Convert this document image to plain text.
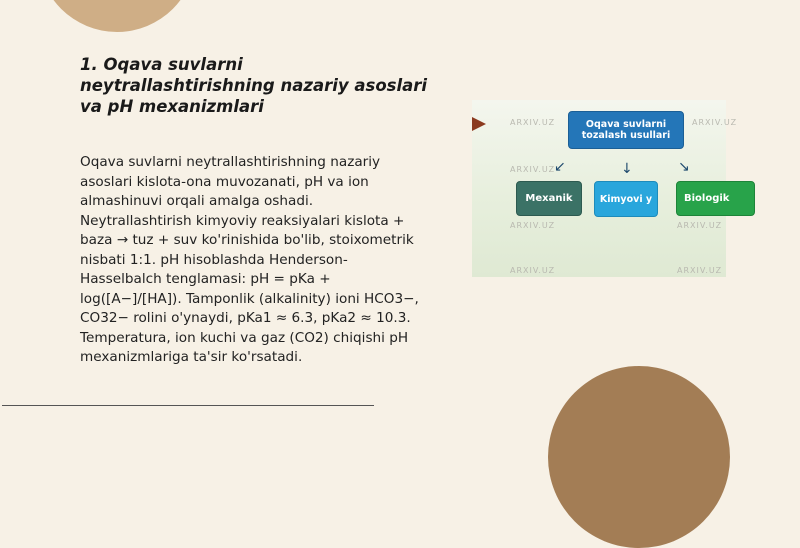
1. Oqava suvlarni neytrallashtirishning nazariy asoslari va pH mexanizmlari
Oqava suvlarni neytrallashtirishning nazariy asoslari kislota-ona muvozanati, pH va ion almashinuvi orqali amalga oshadi. Neytrallashtirish kimyoviy reaksiyalari kislota + baza → tuz + suv ko'rinishida bo'lib, stoixometrik nisbati 1:1. pH hisoblashda Henderson-Hasselbalch tenglamasi: pH = pKa + log([A−]/[HA]). Tamponlik (alkalinity) ioni HCO3−, CO32− rolini o'ynaydi, pKa1 ≈ 6.3, pKa2 ≈ 10.3. Temperatura, ion kuchi va gaz (CO2) chiqishi pH mexanizmlariga ta'sir ko'rsatadi.
ARXIV.UZ	ARXIV.UZ
ARXIV.UZ
ARXIV.UZ	ARXIV.UZ
ARXIV.UZ	ARXIV.UZ
Oqava suvlarni tozalash usullari
↙	↓	↘
Mexanik	Kimyovi y	Biologik
